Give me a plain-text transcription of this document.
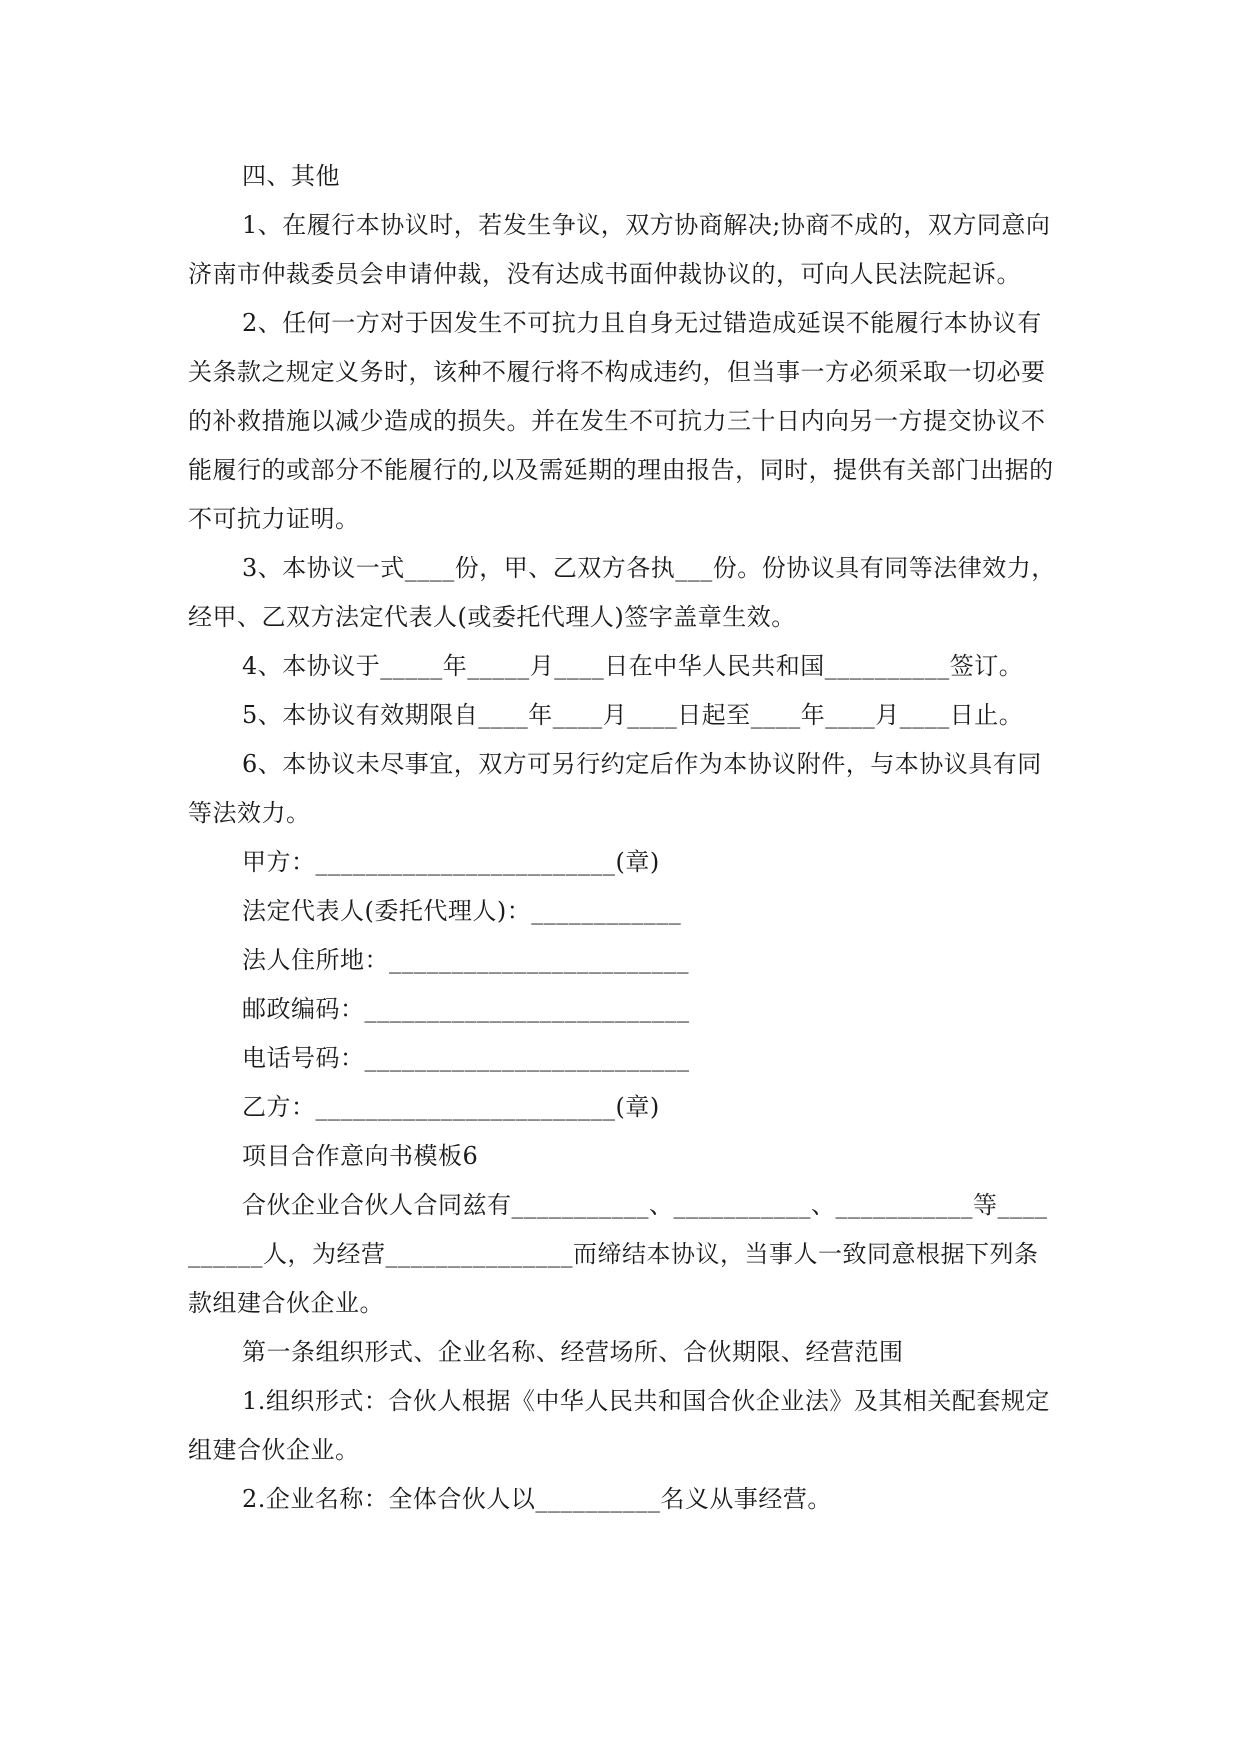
四、其他

1、在履行本协议时，若发生争议，双方协商解决;协商不成的，双方同意向济南市仲裁委员会申请仲裁，没有达成书面仲裁协议的，可向人民法院起诉。

2、任何一方对于因发生不可抗力且自身无过错造成延误不能履行本协议有关条款之规定义务时，该种不履行将不构成违约，但当事一方必须采取一切必要的补救措施以减少造成的损失。并在发生不可抗力三十日内向另一方提交协议不能履行的或部分不能履行的,以及需延期的理由报告，同时，提供有关部门出据的不可抗力证明。

3、本协议一式____份，甲、乙双方各执___份。份协议具有同等法律效力，经甲、乙双方法定代表人(或委托代理人)签字盖章生效。

4、本协议于_____年_____月____日在中华人民共和国__________签订。

5、本协议有效期限自____年____月____日起至____年____月____日止。

6、本协议未尽事宜，双方可另行约定后作为本协议附件，与本协议具有同等法效力。

甲方：________________________(章)

法定代表人(委托代理人)：____________

法人住所地：________________________

邮政编码：__________________________

电话号码：__________________________

乙方：________________________(章)

项目合作意向书模板6

合伙企业合伙人合同兹有___________、___________、___________等__________人，为经营_______________而缔结本协议，当事人一致同意根据下列条款组建合伙企业。

第一条组织形式、企业名称、经营场所、合伙期限、经营范围

1.组织形式：合伙人根据《中华人民共和国合伙企业法》及其相关配套规定组建合伙企业。

2.企业名称：全体合伙人以__________名义从事经营。
